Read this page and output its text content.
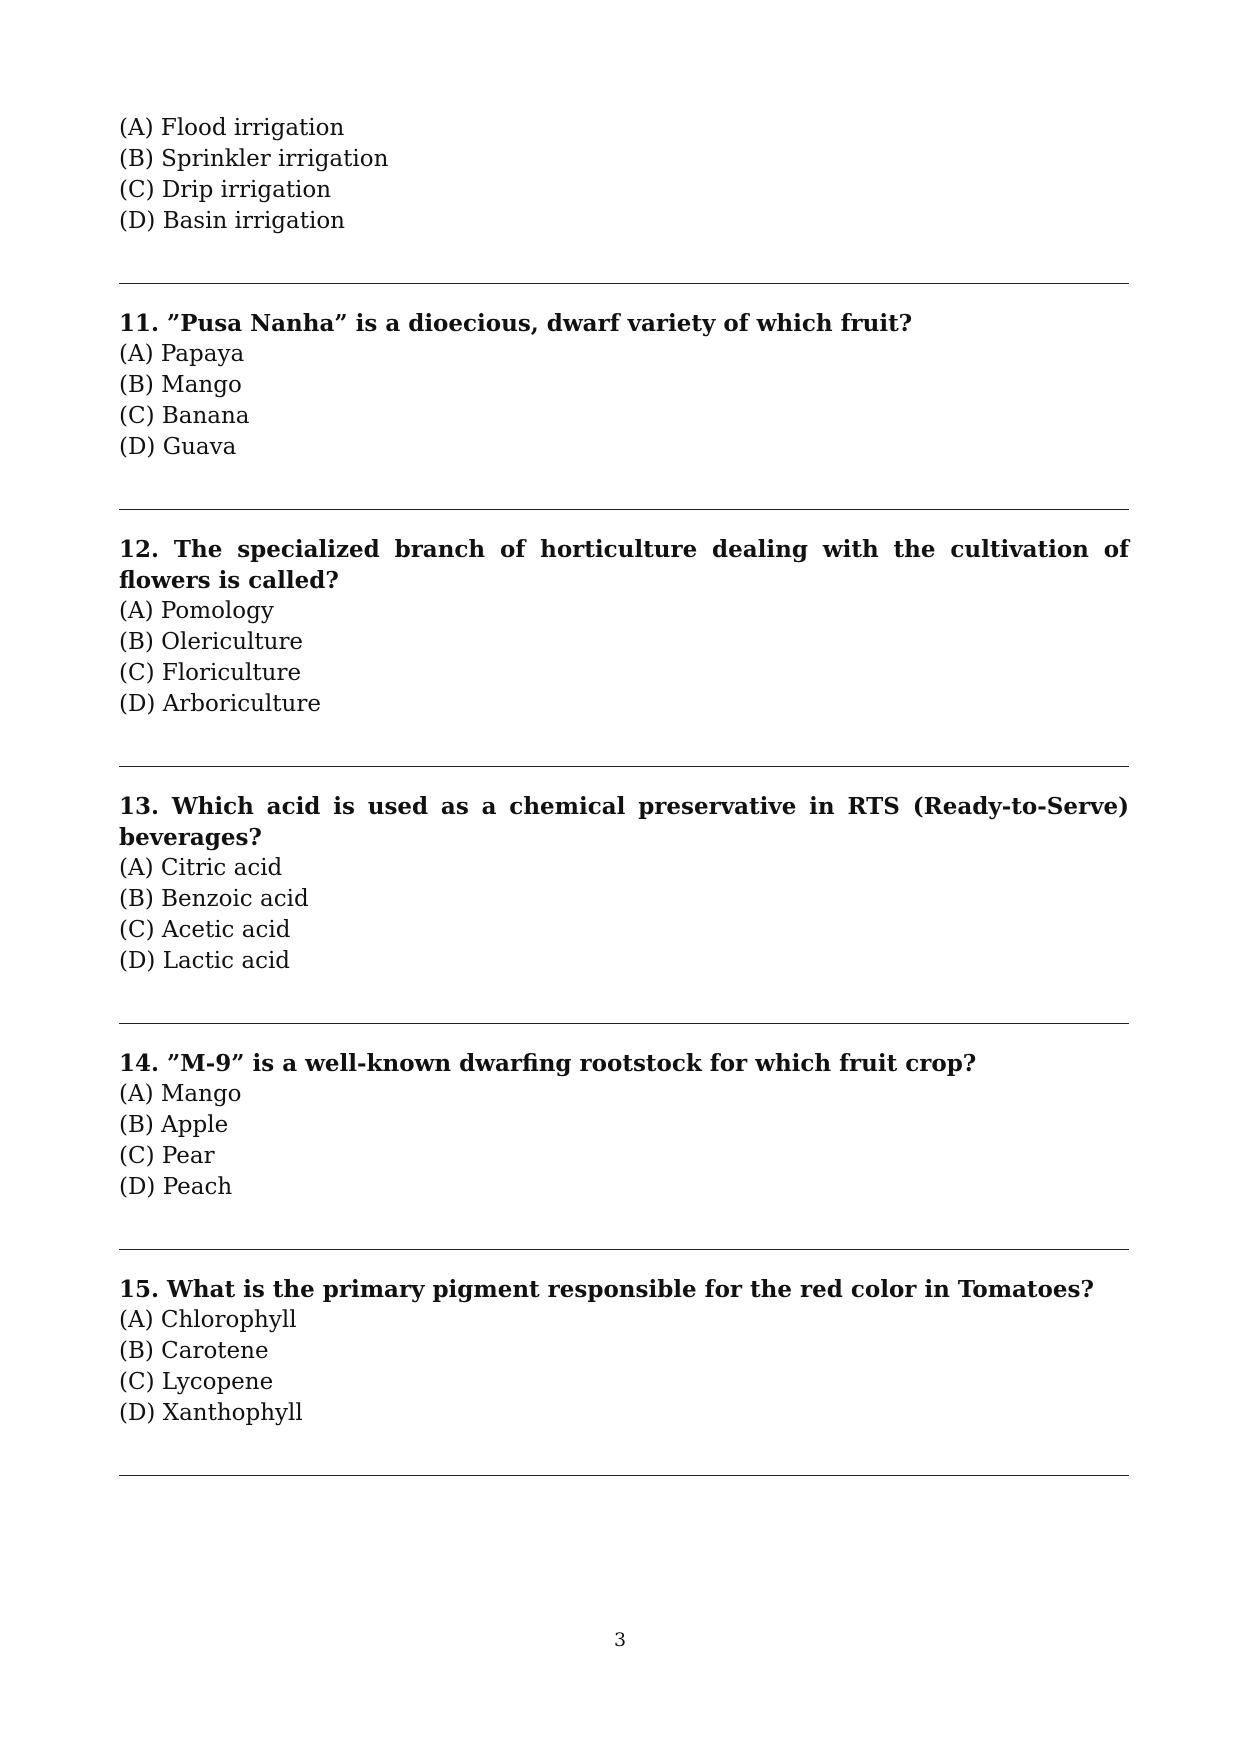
(A) Flood irrigation
(B) Sprinkler irrigation
(C) Drip irrigation
(D) Basin irrigation

11. ”Pusa Nanha” is a dioecious, dwarf variety of which fruit?

(A) Papaya
(B) Mango
(C) Banana
(D) Guava

12. The specialized branch of horticulture dealing with the cultivation of flowers is called?

(A) Pomology
(B) Olericulture
(C) Floriculture
(D) Arboriculture

13. Which acid is used as a chemical preservative in RTS (Ready-to-Serve) beverages?

(A) Citric acid
(B) Benzoic acid
(C) Acetic acid
(D) Lactic acid

14. ”M-9” is a well-known dwarfing rootstock for which fruit crop?

(A) Mango
(B) Apple
(C) Pear
(D) Peach

15. What is the primary pigment responsible for the red color in Tomatoes?

(A) Chlorophyll
(B) Carotene
(C) Lycopene
(D) Xanthophyll
3
